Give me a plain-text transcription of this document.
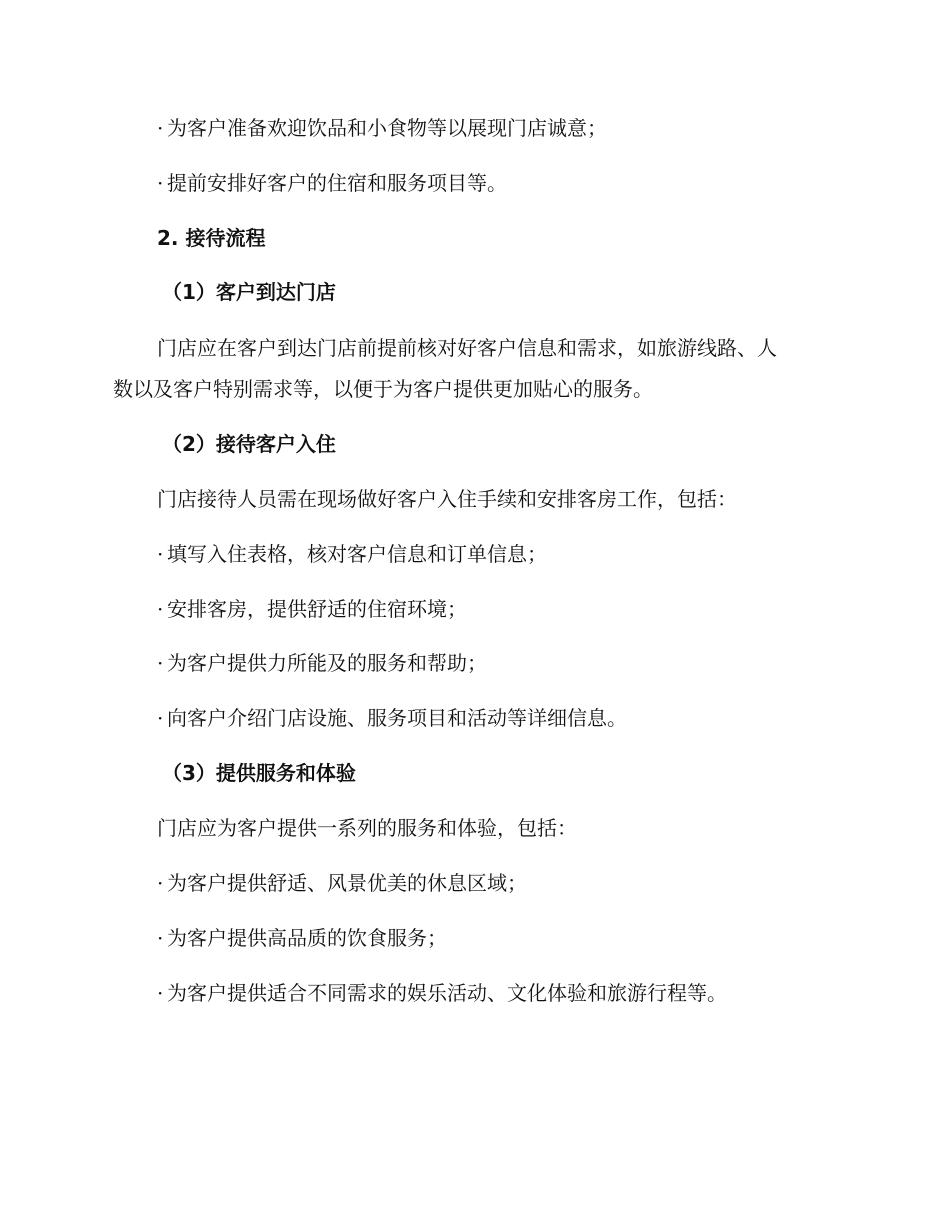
· 为客户准备欢迎饮品和小食物等以展现门店诚意；

· 提前安排好客户的住宿和服务项目等。

2. 接待流程

（1）客户到达门店

门店应在客户到达门店前提前核对好客户信息和需求，如旅游线路、人

数以及客户特别需求等，以便于为客户提供更加贴心的服务。

（2）接待客户入住

门店接待人员需在现场做好客户入住手续和安排客房工作，包括：

· 填写入住表格，核对客户信息和订单信息；

· 安排客房，提供舒适的住宿环境；

· 为客户提供力所能及的服务和帮助；

· 向客户介绍门店设施、服务项目和活动等详细信息。

（3）提供服务和体验

门店应为客户提供一系列的服务和体验，包括：

· 为客户提供舒适、风景优美的休息区域；

· 为客户提供高品质的饮食服务；

· 为客户提供适合不同需求的娱乐活动、文化体验和旅游行程等。
